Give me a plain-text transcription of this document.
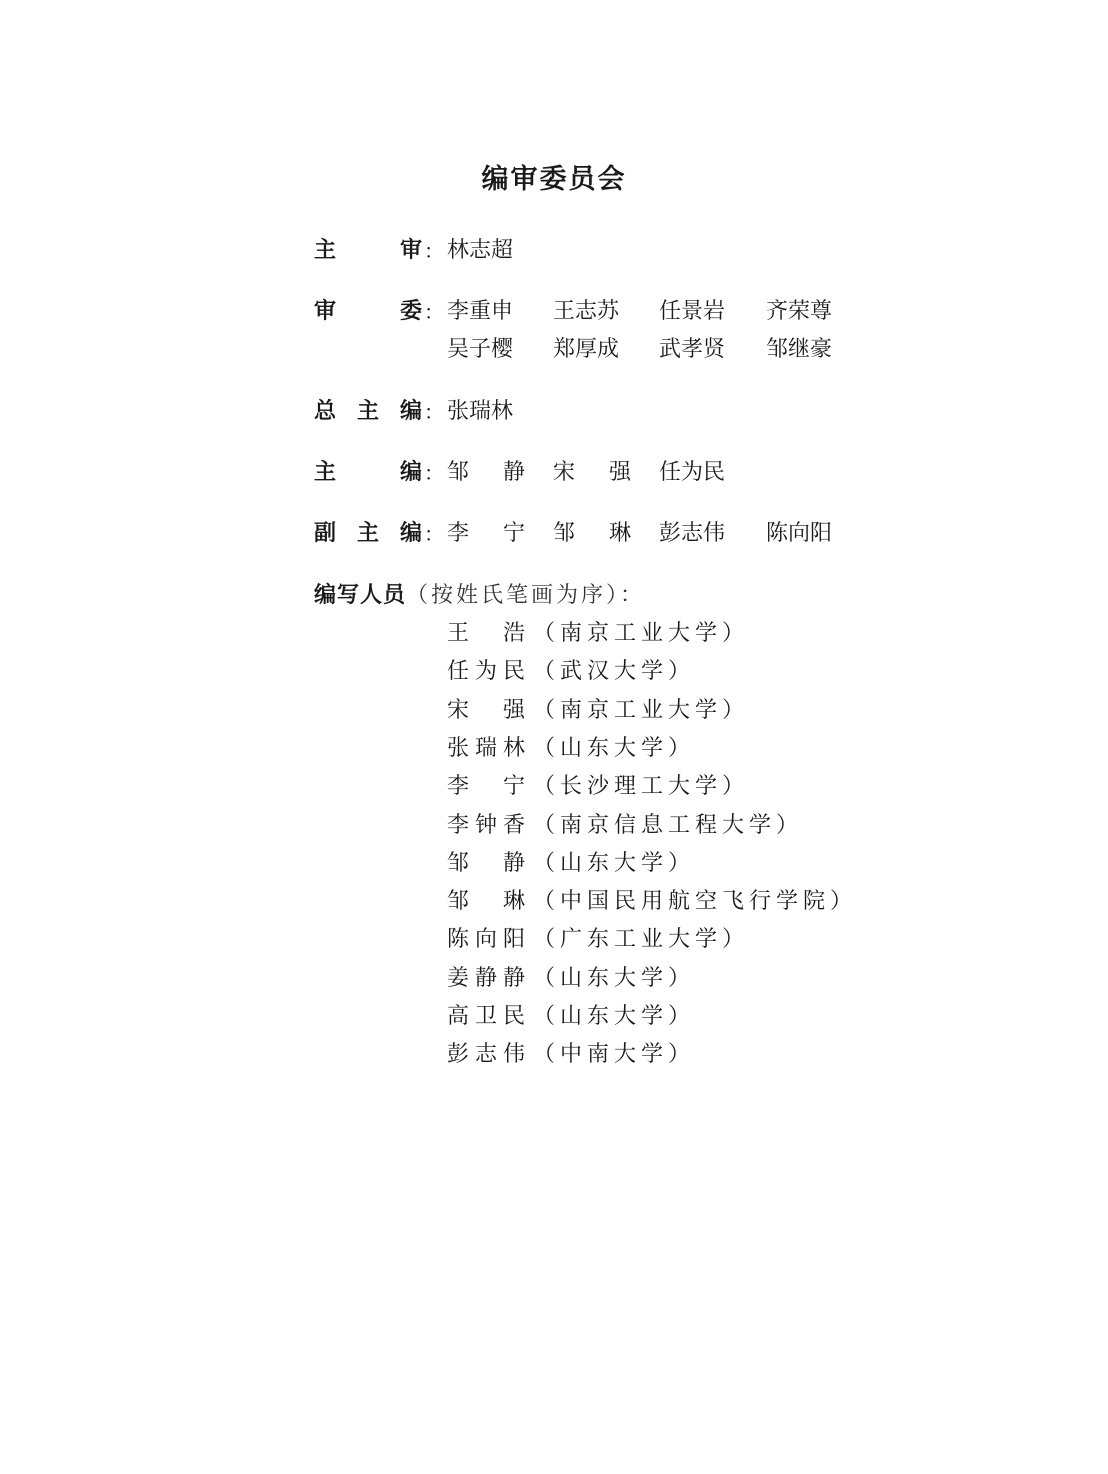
编审委员会
主	审 ： 林志超
审	委 ： 李重申	王志苏	任景岩	齐荣尊
吴子樱	郑厚成	武孝贤	邹继豪
总 主 编 ： 张瑞林
主	编 ： 邹 静 宋 强 任为民
副 主 编 ： 李 宁 邹 琳 彭志伟	陈向阳
编写人员（按姓氏笔画为序）：
王 浩 （南京工业大学）
任 为 民 （武汉大学）
宋 强 （南京工业大学）
张 瑞 林 （山东大学）
李 宁 （长沙理工大学）
李 钟 香 （南京信息工程大学）
邹 静 （山东大学）
邹 琳 （中国民用航空飞行学院）
陈 向 阳 （广东工业大学）
姜 静 静 （山东大学）
高 卫 民 （山东大学）
彭 志 伟 （中南大学）
